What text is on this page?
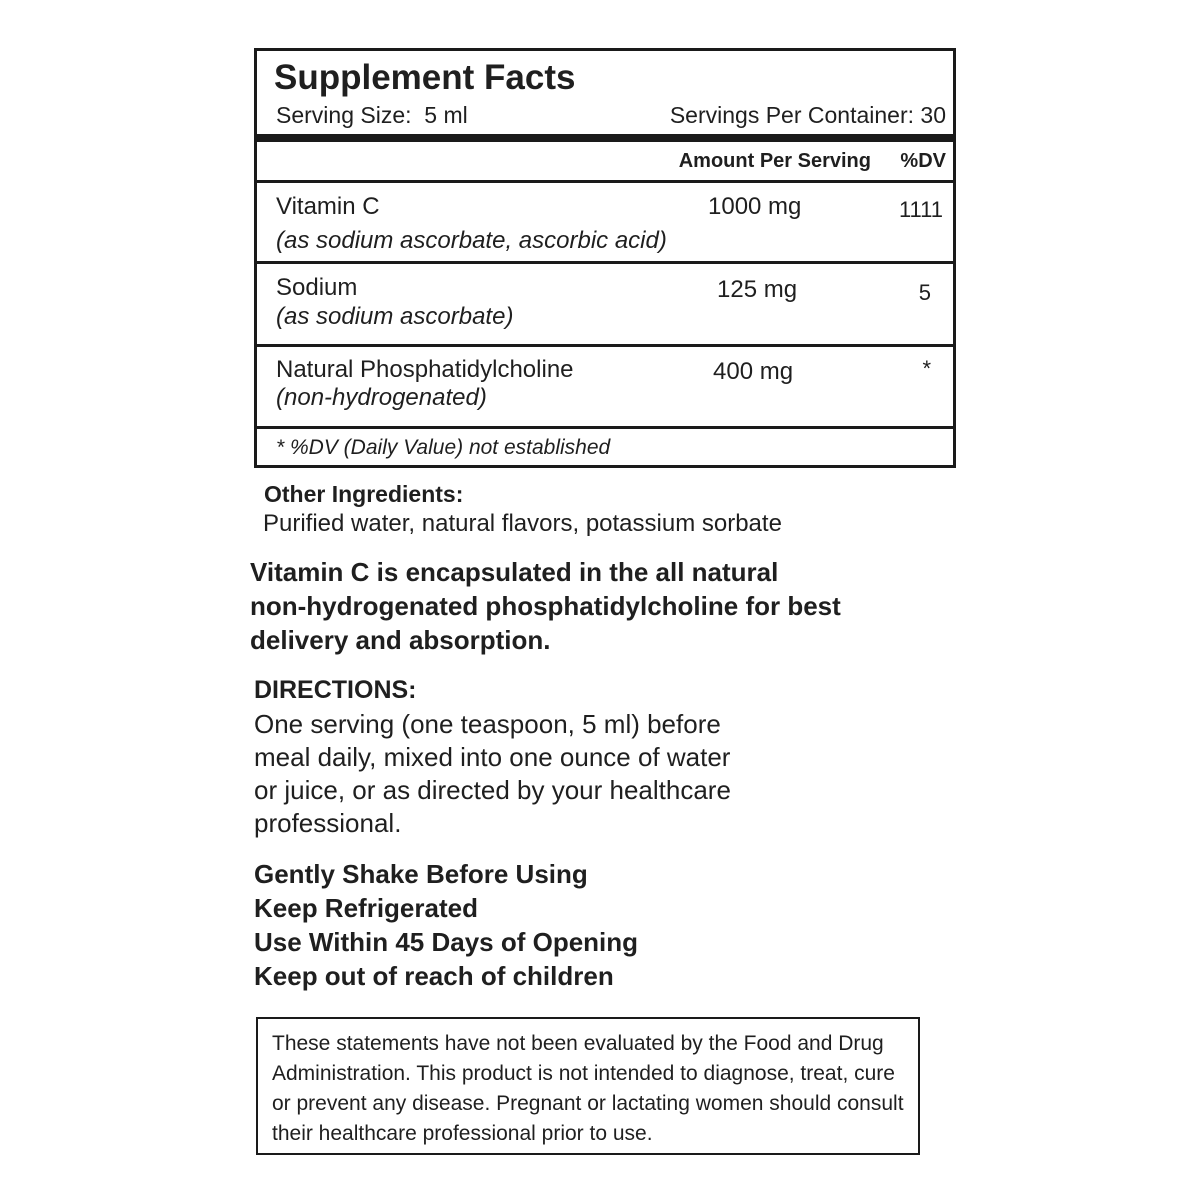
Supplement Facts
Serving Size:  5 ml	Servings Per Container: 30
Amount Per Serving %DV
Vitamin C	1000 mg	1111
(as sodium ascorbate, ascorbic acid)
Sodium	125 mg	5
(as sodium ascorbate)
Natural Phosphatidylcholine	400 mg	*
(non-hydrogenated)
* %DV (Daily Value) not established
Other Ingredients:
Purified water, natural flavors, potassium sorbate
Vitamin C is encapsulated in the all natural
non-hydrogenated phosphatidylcholine for best
delivery and absorption.
DIRECTIONS:
One serving (one teaspoon, 5 ml) before
meal daily, mixed into one ounce of water
or juice, or as directed by your healthcare
professional.
Gently Shake Before Using
Keep Refrigerated
Use Within 45 Days of Opening
Keep out of reach of children
These statements have not been evaluated by the Food and Drug
Administration. This product is not intended to diagnose, treat, cure
or prevent any disease. Pregnant or lactating women should consult
their healthcare professional prior to use.
